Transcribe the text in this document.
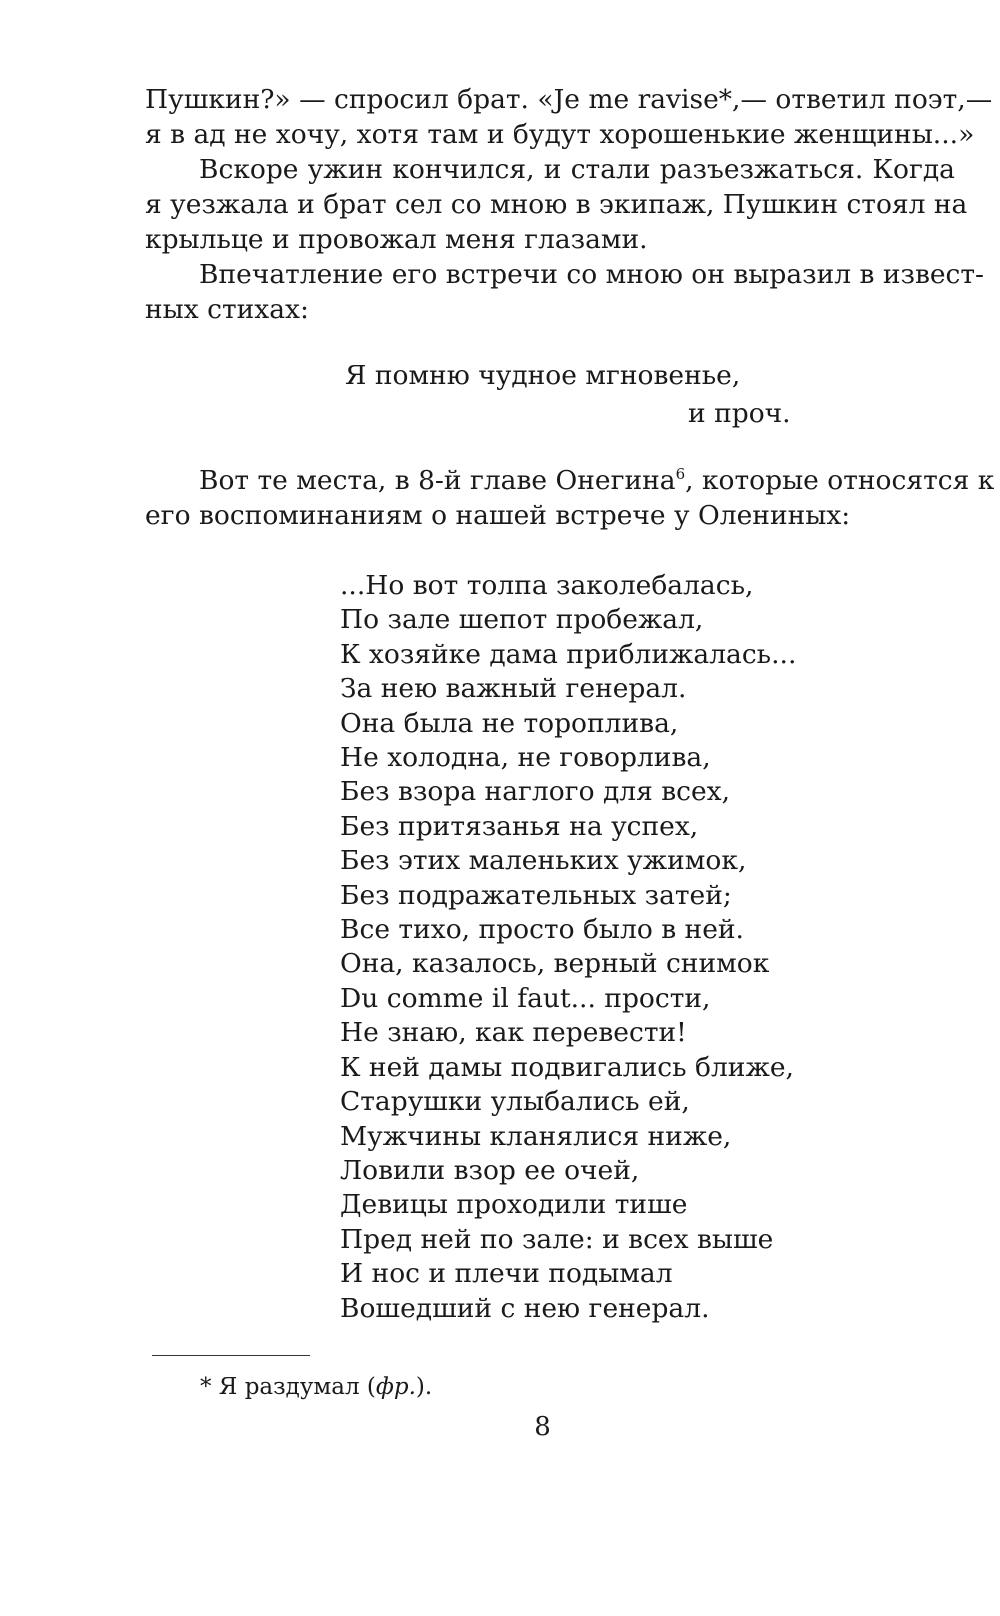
Пушкин?» — спросил брат. «Je me ravise*,— ответил поэт,—
я в ад не хочу, хотя там и будут хорошенькие женщины...»

Вскоре ужин кончился, и стали разъезжаться. Когда
я уезжала и брат сел со мною в экипаж, Пушкин стоял на
крыльце и провожал меня глазами.

Впечатление его встречи со мною он выразил в извест-
ных стихах:

Я помню чудное мгновенье,
и проч.

Вот те места, в 8-й главе Онегина$^6$, которые относятся к
его воспоминаниям о нашей встрече у Олениных:

...Но вот толпа заколебалась,
По зале шепот пробежал,
К хозяйке дама приближалась...
За нею важный генерал.
Она была не тороплива,
Не холодна, не говорлива,
Без взора наглого для всех,
Без притязанья на успех,
Без этих маленьких ужимок,
Без подражательных затей;
Все тихо, просто было в ней.
Она, казалось, верный снимок
Du comme il faut... прости,
Не знаю, как перевести!
К ней дамы подвигались ближе,
Старушки улыбались ей,
Мужчины кланялися ниже,
Ловили взор ее очей,
Девицы проходили тише
Пред ней по зале: и всех выше
И нос и плечи подымал
Вошедший с нею генерал.
* Я раздумал (фр.).
8
